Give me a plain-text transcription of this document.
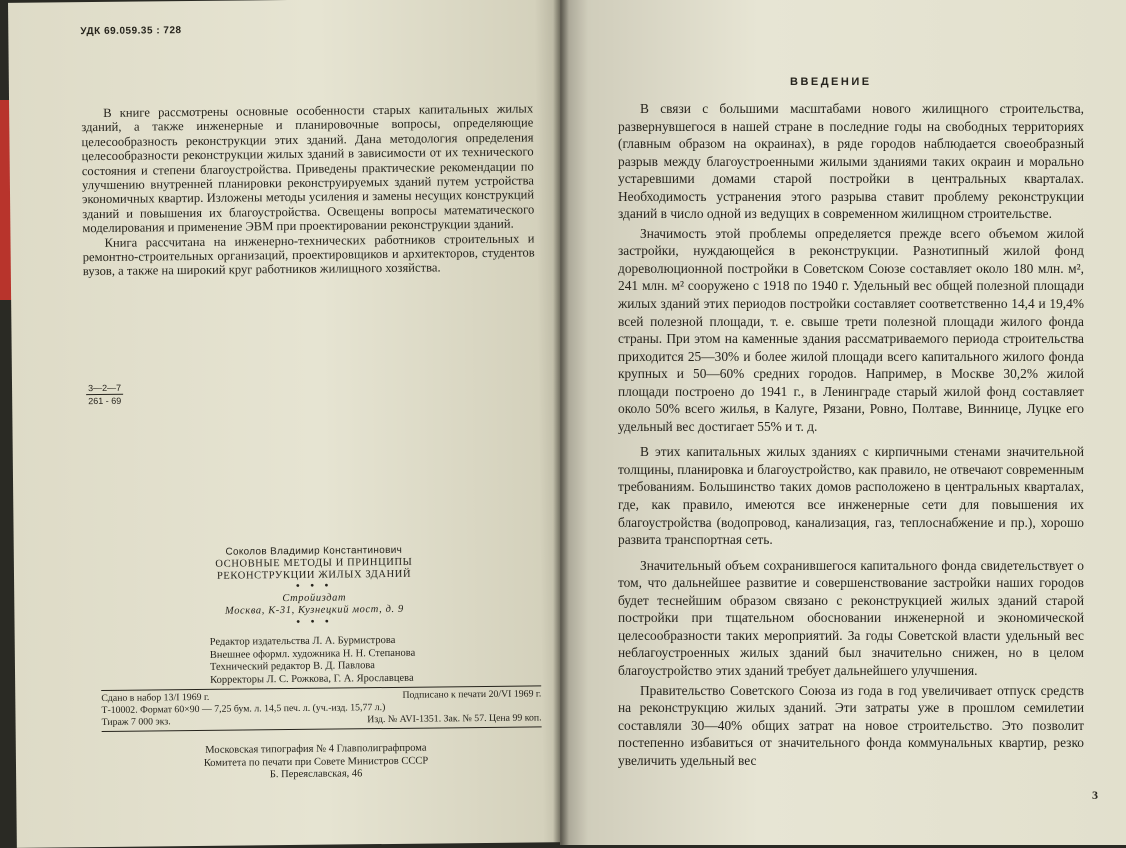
УДК 69.059.35 : 728

В книге рассмотрены основные особенности старых капитальных жилых зданий, а также инженерные и планировочные вопросы, определяющие целесообразность реконструкции этих зданий. Дана методология определения целесообразности реконструкции жилых зданий в зависимости от их технического состояния и степени благоустройства. Приведены практические рекомендации по улучшению внутренней планировки реконструируемых зданий путем устройства экономичных квартир. Изложены методы усиления и замены несущих конструкций зданий и повышения их благоустройства. Освещены вопросы математического моделирования и применение ЭВМ при проектировании реконструкции зданий.

Книга рассчитана на инженерно-технических работников строительных и ремонтно-строительных организаций, проектировщиков и архитекторов, студентов вузов, а также на широкий круг работников жилищного хозяйства.

3—2—7
261 - 69
Соколов Владимир Константинович
ОСНОВНЫЕ МЕТОДЫ И ПРИНЦИПЫ
РЕКОНСТРУКЦИИ ЖИЛЫХ ЗДАНИЙ
• • •
Стройиздат
Москва, К-31, Кузнецкий мост, д. 9
• • •
Редактор издательства Л. А. Бурмистрова
Внешнее оформл. художника Н. Н. Степанова
Технический редактор В. Д. Павлова
Корректоры Л. С. Рожкова, Г. А. Ярославцева
Сдано в набор 13/I 1969 г.	Подписано к печати 20/VI 1969 г.
Т-10002. Формат 60×90 — 7,25 бум. л. 14,5 печ. л. (уч.-изд. 15,77 л.)
Тираж 7 000 экз.	Изд. № AVI-1351. Зак. № 57. Цена 99 коп.
Московская типография № 4 Главполиграфпрома
Комитета по печати при Совете Министров СССР
Б. Переяславская, 46
ВВЕДЕНИЕ

В связи с большими масштабами нового жилищного строительства, развернувшегося в нашей стране в последние годы на свободных территориях (главным образом на окраинах), в ряде городов наблюдается своеобразный разрыв между благоустроенными жилыми зданиями таких окраин и морально устаревшими домами старой постройки в центральных кварталах. Необходимость устранения этого разрыва ставит проблему реконструкции зданий в число одной из ведущих в современном жилищном строительстве.

Значимость этой проблемы определяется прежде всего объемом жилой застройки, нуждающейся в реконструкции. Разнотипный жилой фонд дореволюционной постройки в Советском Союзе составляет около 180 млн. м², 241 млн. м² сооружено с 1918 по 1940 г. Удельный вес общей полезной площади жилых зданий этих периодов постройки составляет соответственно 14,4 и 19,4% всей полезной площади, т. е. свыше трети полезной площади жилого фонда страны. При этом на каменные здания рассматриваемого периода строительства приходится 25—30% и более жилой площади всего капитального жилого фонда крупных и 50—60% средних городов. Например, в Москве 30,2% жилой площади построено до 1941 г., в Ленинграде старый жилой фонд составляет около 50% всего жилья, в Калуге, Рязани, Ровно, Полтаве, Виннице, Луцке его удельный вес достигает 55% и т. д.

В этих капитальных жилых зданиях с кирпичными стенами значительной толщины, планировка и благоустройство, как правило, не отвечают современным требованиям. Большинство таких домов расположено в центральных кварталах, где, как правило, имеются все инженерные сети для повышения их благоустройства (водопровод, канализация, газ, теплоснабжение и пр.), хорошо развита транспортная сеть.

Значительный объем сохранившегося капитального фонда свидетельствует о том, что дальнейшее развитие и совершенствование застройки наших городов будет теснейшим образом связано с реконструкцией жилых зданий старой постройки при тщательном обосновании инженерной и экономической целесообразности таких мероприятий. За годы Советской власти удельный вес неблагоустроенных жилых зданий был значительно снижен, но в целом благоустройство этих зданий требует дальнейшего улучшения.

Правительство Советского Союза из года в год увеличивает отпуск средств на реконструкцию жилых зданий. Эти затраты уже в прошлом семилетии составляли 30—40% общих затрат на новое строительство. Это позволит постепенно избавиться от значительного фонда коммунальных квартир, резко увеличить удельный вес

3
